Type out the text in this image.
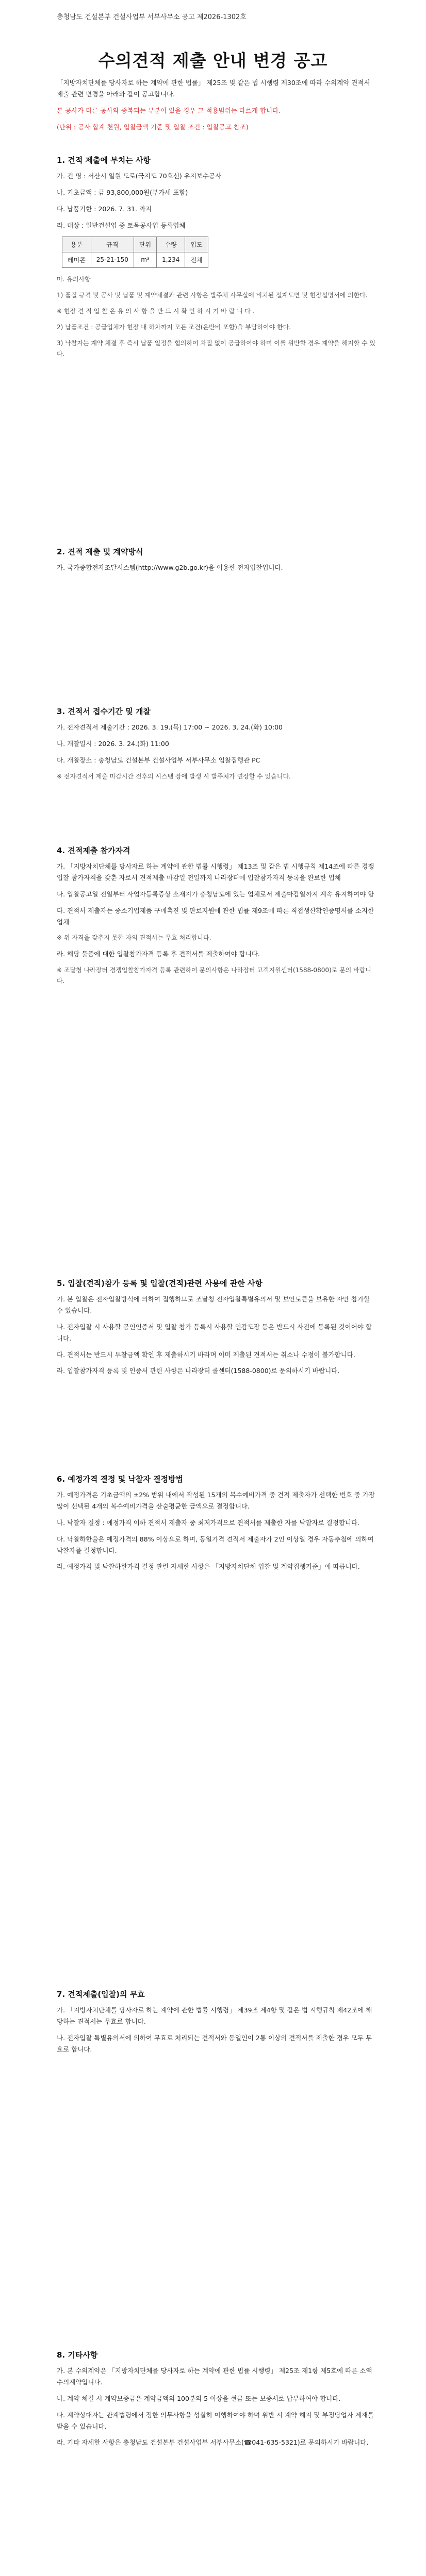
충청남도 건설본부 건설사업부 서부사무소 공고 제2026-1302호
수의견적 제출 안내 변경 공고

「지방자치단체를 당사자로 하는 계약에 관한 법률」 제25조 및 같은 법 시행령 제30조에 따라 수의계약 견적서 제출 관련 변경을 아래와 같이 공고합니다.

본 공사가 다른 공사와 중복되는 부분이 있을 경우 그 적용범위는 다르게 합니다.

(단위 : 공사 합계 천원, 입찰금액 기준 및 입찰 조건 : 입찰공고 참조)

1. 견적 제출에 부치는 사항

가. 건 명 : 서산시 일원 도로(국지도 70호선) 유지보수공사

나. 기초금액 : 금 93,800,000원(부가세 포함)

다. 납품기한 : 2026. 7. 31. 까지

라. 대상 : 일반건설업 중 토목공사업 등록업체

용분	규격	단위	수량	입도
레미콘	25-21-150	m³	1,234	전체

마. 유의사항

1) 품질 규격 및 공사 및 납품 및 계약체결과 관련 사항은 발주처 사무실에 비치된 설계도면 및 현장설명서에 의한다.

※ 현장 견 적 입 찰 은 유 의 사 항 을 반 드 시 확 인 하 시 기 바 랍 니 다 .

2) 납품조건 : 공급업체가 현장 내 하차까지 모든 조건(운반비 포함)을 부담하여야 한다.

3) 낙찰자는 계약 체결 후 즉시 납품 일정을 협의하여 차질 없이 공급하여야 하며 이를 위반할 경우 계약을 해지할 수 있다.

2. 견적 제출 및 계약방식

가. 국가종합전자조달시스템(http://www.g2b.go.kr)을 이용한 전자입찰입니다.

3. 견적서 접수기간 및 개찰

가. 전자견적서 제출기간 : 2026. 3. 19.(목) 17:00 ~ 2026. 3. 24.(화) 10:00

나. 개찰일시 : 2026. 3. 24.(화) 11:00

다. 개찰장소 : 충청남도 건설본부 건설사업부 서부사무소 입찰집행관 PC

※ 전자견적서 제출 마감시간 전후의 시스템 장애 발생 시 발주처가 연장할 수 있습니다.

4. 견적제출 참가자격

가. 「지방자치단체를 당사자로 하는 계약에 관한 법률 시행령」 제13조 및 같은 법 시행규칙 제14조에 따른 경쟁입찰 참가자격을 갖춘 자로서 견적제출 마감일 전일까지 나라장터에 입찰참가자격 등록을 완료한 업체

나. 입찰공고일 전일부터 사업자등록증상 소재지가 충청남도에 있는 업체로서 제출마감일까지 계속 유지하여야 함

다. 견적서 제출자는 중소기업제품 구매촉진 및 판로지원에 관한 법률 제9조에 따른 직접생산확인증명서를 소지한 업체

※ 위 자격을 갖추지 못한 자의 견적서는 무효 처리합니다.

라. 해당 물품에 대한 입찰참가자격 등록 후 견적서를 제출하여야 합니다.

※ 조달청 나라장터 경쟁입찰참가자격 등록 관련하여 문의사항은 나라장터 고객지원센터(1588-0800)로 문의 바랍니다.

5. 입찰(견적)참가 등록 및 입찰(견적)관련 사용에 관한 사항

가. 본 입찰은 전자입찰방식에 의하여 집행하므로 조달청 전자입찰특별유의서 및 보안토큰을 보유한 자만 참가할 수 있습니다.

나. 전자입찰 시 사용할 공인인증서 및 입찰 참가 등록시 사용할 인감도장 등은 반드시 사전에 등록된 것이어야 합니다.

다. 견적서는 반드시 투찰금액 확인 후 제출하시기 바라며 이미 제출된 견적서는 취소나 수정이 불가합니다.

라. 입찰참가자격 등록 및 인증서 관련 사항은 나라장터 콜센터(1588-0800)로 문의하시기 바랍니다.

6. 예정가격 결정 및 낙찰자 결정방법

가. 예정가격은 기초금액의 ±2% 범위 내에서 작성된 15개의 복수예비가격 중 견적 제출자가 선택한 번호 중 가장 많이 선택된 4개의 복수예비가격을 산술평균한 금액으로 결정합니다.

나. 낙찰자 결정 : 예정가격 이하 견적서 제출자 중 최저가격으로 견적서를 제출한 자를 낙찰자로 결정합니다.

다. 낙찰하한율은 예정가격의 88% 이상으로 하며, 동일가격 견적서 제출자가 2인 이상일 경우 자동추첨에 의하여 낙찰자를 결정합니다.

라. 예정가격 및 낙찰하한가격 결정 관련 자세한 사항은 「지방자치단체 입찰 및 계약집행기준」에 따릅니다.

7. 견적제출(입찰)의 무효

가. 「지방자치단체를 당사자로 하는 계약에 관한 법률 시행령」 제39조 제4항 및 같은 법 시행규칙 제42조에 해당하는 견적서는 무효로 합니다.

나. 전자입찰 특별유의서에 의하여 무효로 처리되는 견적서와 동일인이 2통 이상의 견적서를 제출한 경우 모두 무효로 합니다.

8. 기타사항

가. 본 수의계약은 「지방자치단체를 당사자로 하는 계약에 관한 법률 시행령」 제25조 제1항 제5호에 따른 소액 수의계약입니다.

나. 계약 체결 시 계약보증금은 계약금액의 100분의 5 이상을 현금 또는 보증서로 납부하여야 합니다.

다. 계약상대자는 관계법령에서 정한 의무사항을 성실히 이행하여야 하며 위반 시 계약 해지 및 부정당업자 제재를 받을 수 있습니다.

라. 기타 자세한 사항은 충청남도 건설본부 건설사업부 서부사무소(☎041-635-5321)로 문의하시기 바랍니다.
